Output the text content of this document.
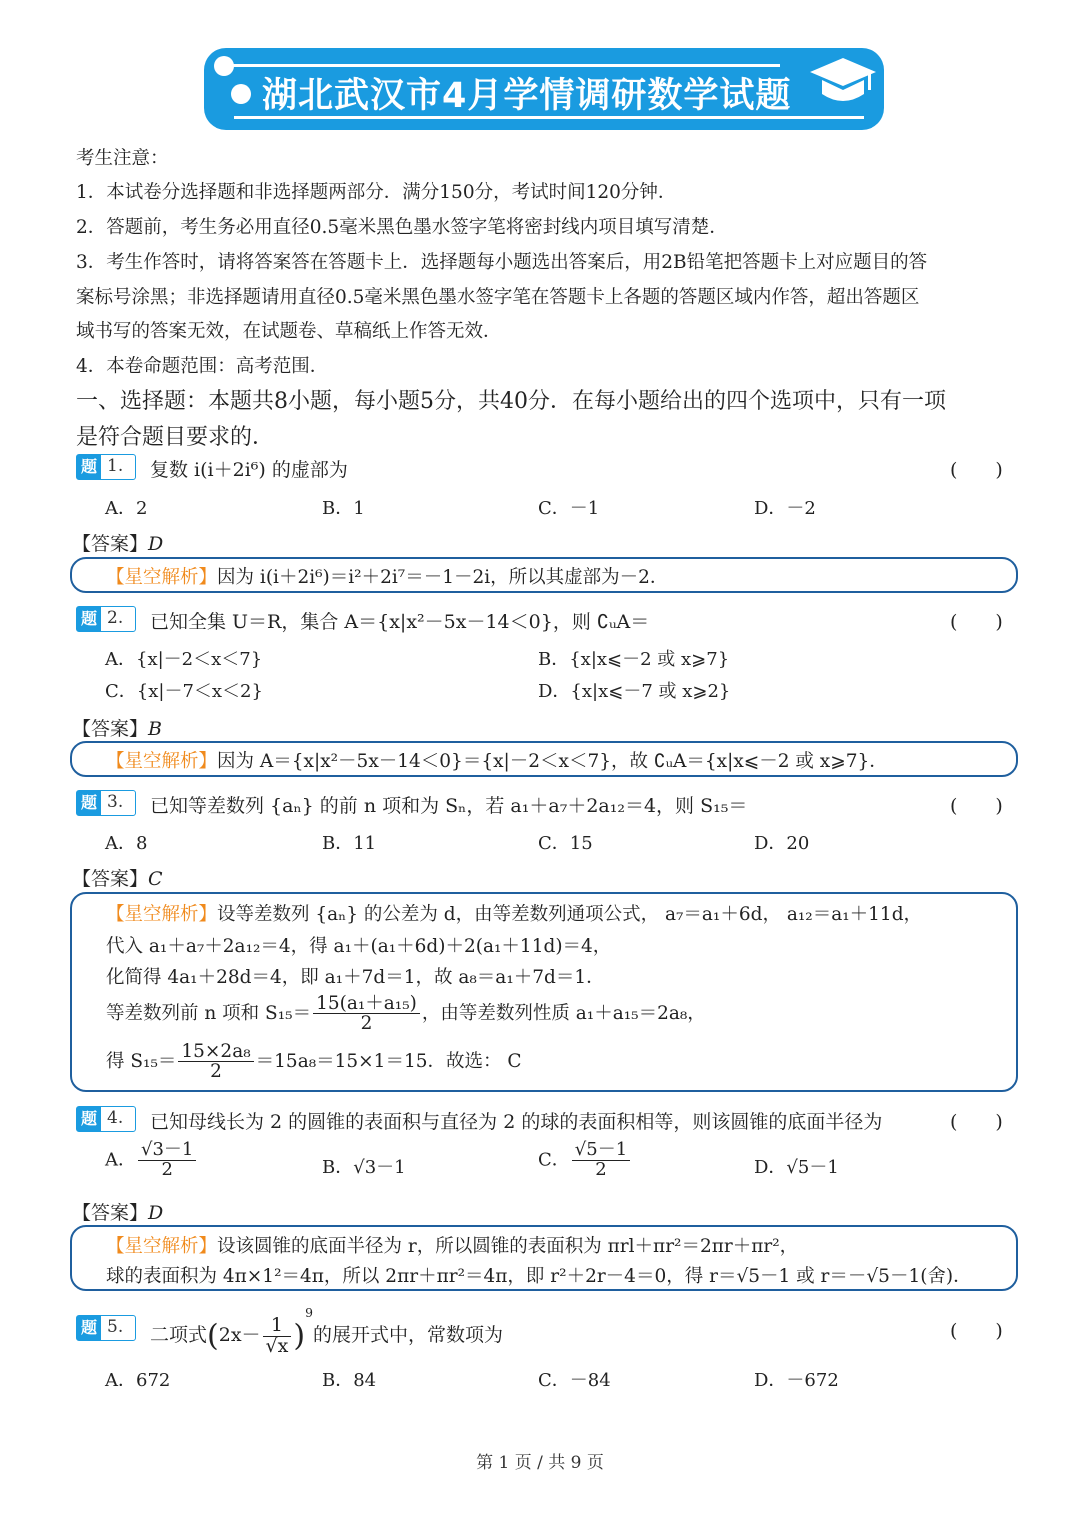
湖北武汉市4月学情调研数学试题
考生注意：
1．本试卷分选择题和非选择题两部分．满分150分，考试时间120分钟．
2．答题前，考生务必用直径0.5毫米黑色墨水签字笔将密封线内项目填写清楚．
3．考生作答时，请将答案答在答题卡上．选择题每小题选出答案后，用2B铅笔把答题卡上对应题目的答
案标号涂黑；非选择题请用直径0.5毫米黑色墨水签字笔在答题卡上各题的答题区域内作答，超出答题区
域书写的答案无效，在试题卷、草稿纸上作答无效．
4．本卷命题范围：高考范围．
一、选择题：本题共8小题，每小题5分，共40分．在每小题给出的四个选项中，只有一项
是符合题目要求的．
题 1. 复数 i(i＋2i⁶) 的虚部为	(　　)
A．2	B．1	C．－1	D．－2
【答案】D
【星空解析】因为 i(i＋2i⁶)＝i²＋2i⁷＝－1－2i，所以其虚部为－2．
题 2. 已知全集 U＝R，集合 A＝{x|x²－5x－14＜0}，则 ∁ᵤA＝	(　　)
A．{x|－2＜x＜7}	B．{x|x⩽－2 或 x⩾7}
C．{x|－7＜x＜2}	D．{x|x⩽－7 或 x⩾2}
【答案】B
【星空解析】因为 A＝{x|x²－5x－14＜0}＝{x|－2＜x＜7}，故 ∁ᵤA＝{x|x⩽－2 或 x⩾7}．
题 3. 已知等差数列 {aₙ} 的前 n 项和为 Sₙ，若 a₁＋a₇＋2a₁₂＝4，则 S₁₅＝	(　　)
A．8	B．11	C．15	D．20
【答案】C
【星空解析】设等差数列 {aₙ} 的公差为 d，由等差数列通项公式， a₇＝a₁＋6d， a₁₂＝a₁＋11d，
代入 a₁＋a₇＋2a₁₂＝4，得 a₁＋(a₁＋6d)＋2(a₁＋11d)＝4，
化简得 4a₁＋28d＝4，即 a₁＋7d＝1，故 a₈＝a₁＋7d＝1．
等差数列前 n 项和 $S_{15}= \frac{\text{15(a₁＋a₁₅)}}{2}$ ，由等差数列性质 a₁＋a₁₅＝2a₈，
得 $S_{15}= \frac{\text{15×2a₈}}{2} =15a_8=15\times 1=15$．故选： C
题 4. 已知母线长为 2 的圆锥的表面积与直径为 2 的球的表面积相等，则该圆锥的底面半径为	(　　)
A． $\frac{√3-1}{2}$	B．√3－1	C． $\frac{√5-1}{2}$	D．√5－1
【答案】D
【星空解析】设该圆锥的底面半径为 r，所以圆锥的表面积为 πrl＋πr²＝2πr＋πr²，
球的表面积为 4π×1²＝4π，所以 2πr＋πr²＝4π，即 r²＋2r－4＝0，得 r＝√5－1 或 r＝－√5－1(舍)．
题 5. 二项式$(2x- \frac{1}{√x} )^9$的展开式中，常数项为	(　　)
A．672	B．84	C．－84	D．－672
第 1 页 / 共 9 页
